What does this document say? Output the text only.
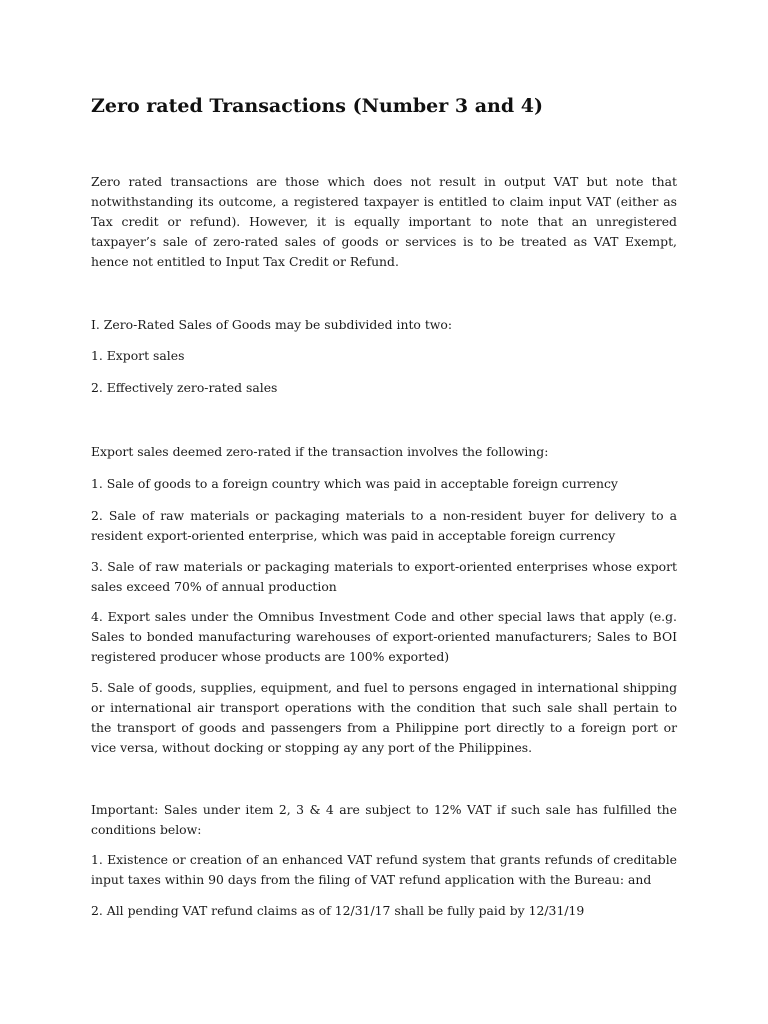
Zero rated Transactions (Number 3 and 4)

Zero rated transactions are those which does not result in output VAT but note that notwithstanding its outcome, a registered taxpayer is entitled to claim input VAT (either as Tax credit or refund). However, it is equally important to note that an unregistered taxpayer’s sale of zero-rated sales of goods or services is to be treated as VAT Exempt, hence not entitled to Input Tax Credit or Refund.

I. Zero-Rated Sales of Goods may be subdivided into two:

1. Export sales

2. Effectively zero-rated sales

Export sales deemed zero-rated if the transaction involves the following:

1. Sale of goods to a foreign country which was paid in acceptable foreign currency

2. Sale of raw materials or packaging materials to a non-resident buyer for delivery to a resident export-oriented enterprise, which was paid in acceptable foreign currency

3. Sale of raw materials or packaging materials to export-oriented enterprises whose export sales exceed 70% of annual production

4. Export sales under the Omnibus Investment Code and other special laws that apply (e.g. Sales to bonded manufacturing warehouses of export-oriented manufacturers; Sales to BOI registered producer whose products are 100% exported)

5. Sale of goods, supplies, equipment, and fuel to persons engaged in international shipping or international air transport operations with the condition that such sale shall pertain to the transport of goods and passengers from a Philippine port directly to a foreign port or vice versa, without docking or stopping ay any port of the Philippines.

Important: Sales under item 2, 3 & 4 are subject to 12% VAT if such sale has fulfilled the conditions below:

1. Existence or creation of an enhanced VAT refund system that grants refunds of creditable input taxes within 90 days from the filing of VAT refund application with the Bureau: and

2. All pending VAT refund claims as of 12/31/17 shall be fully paid by 12/31/19
